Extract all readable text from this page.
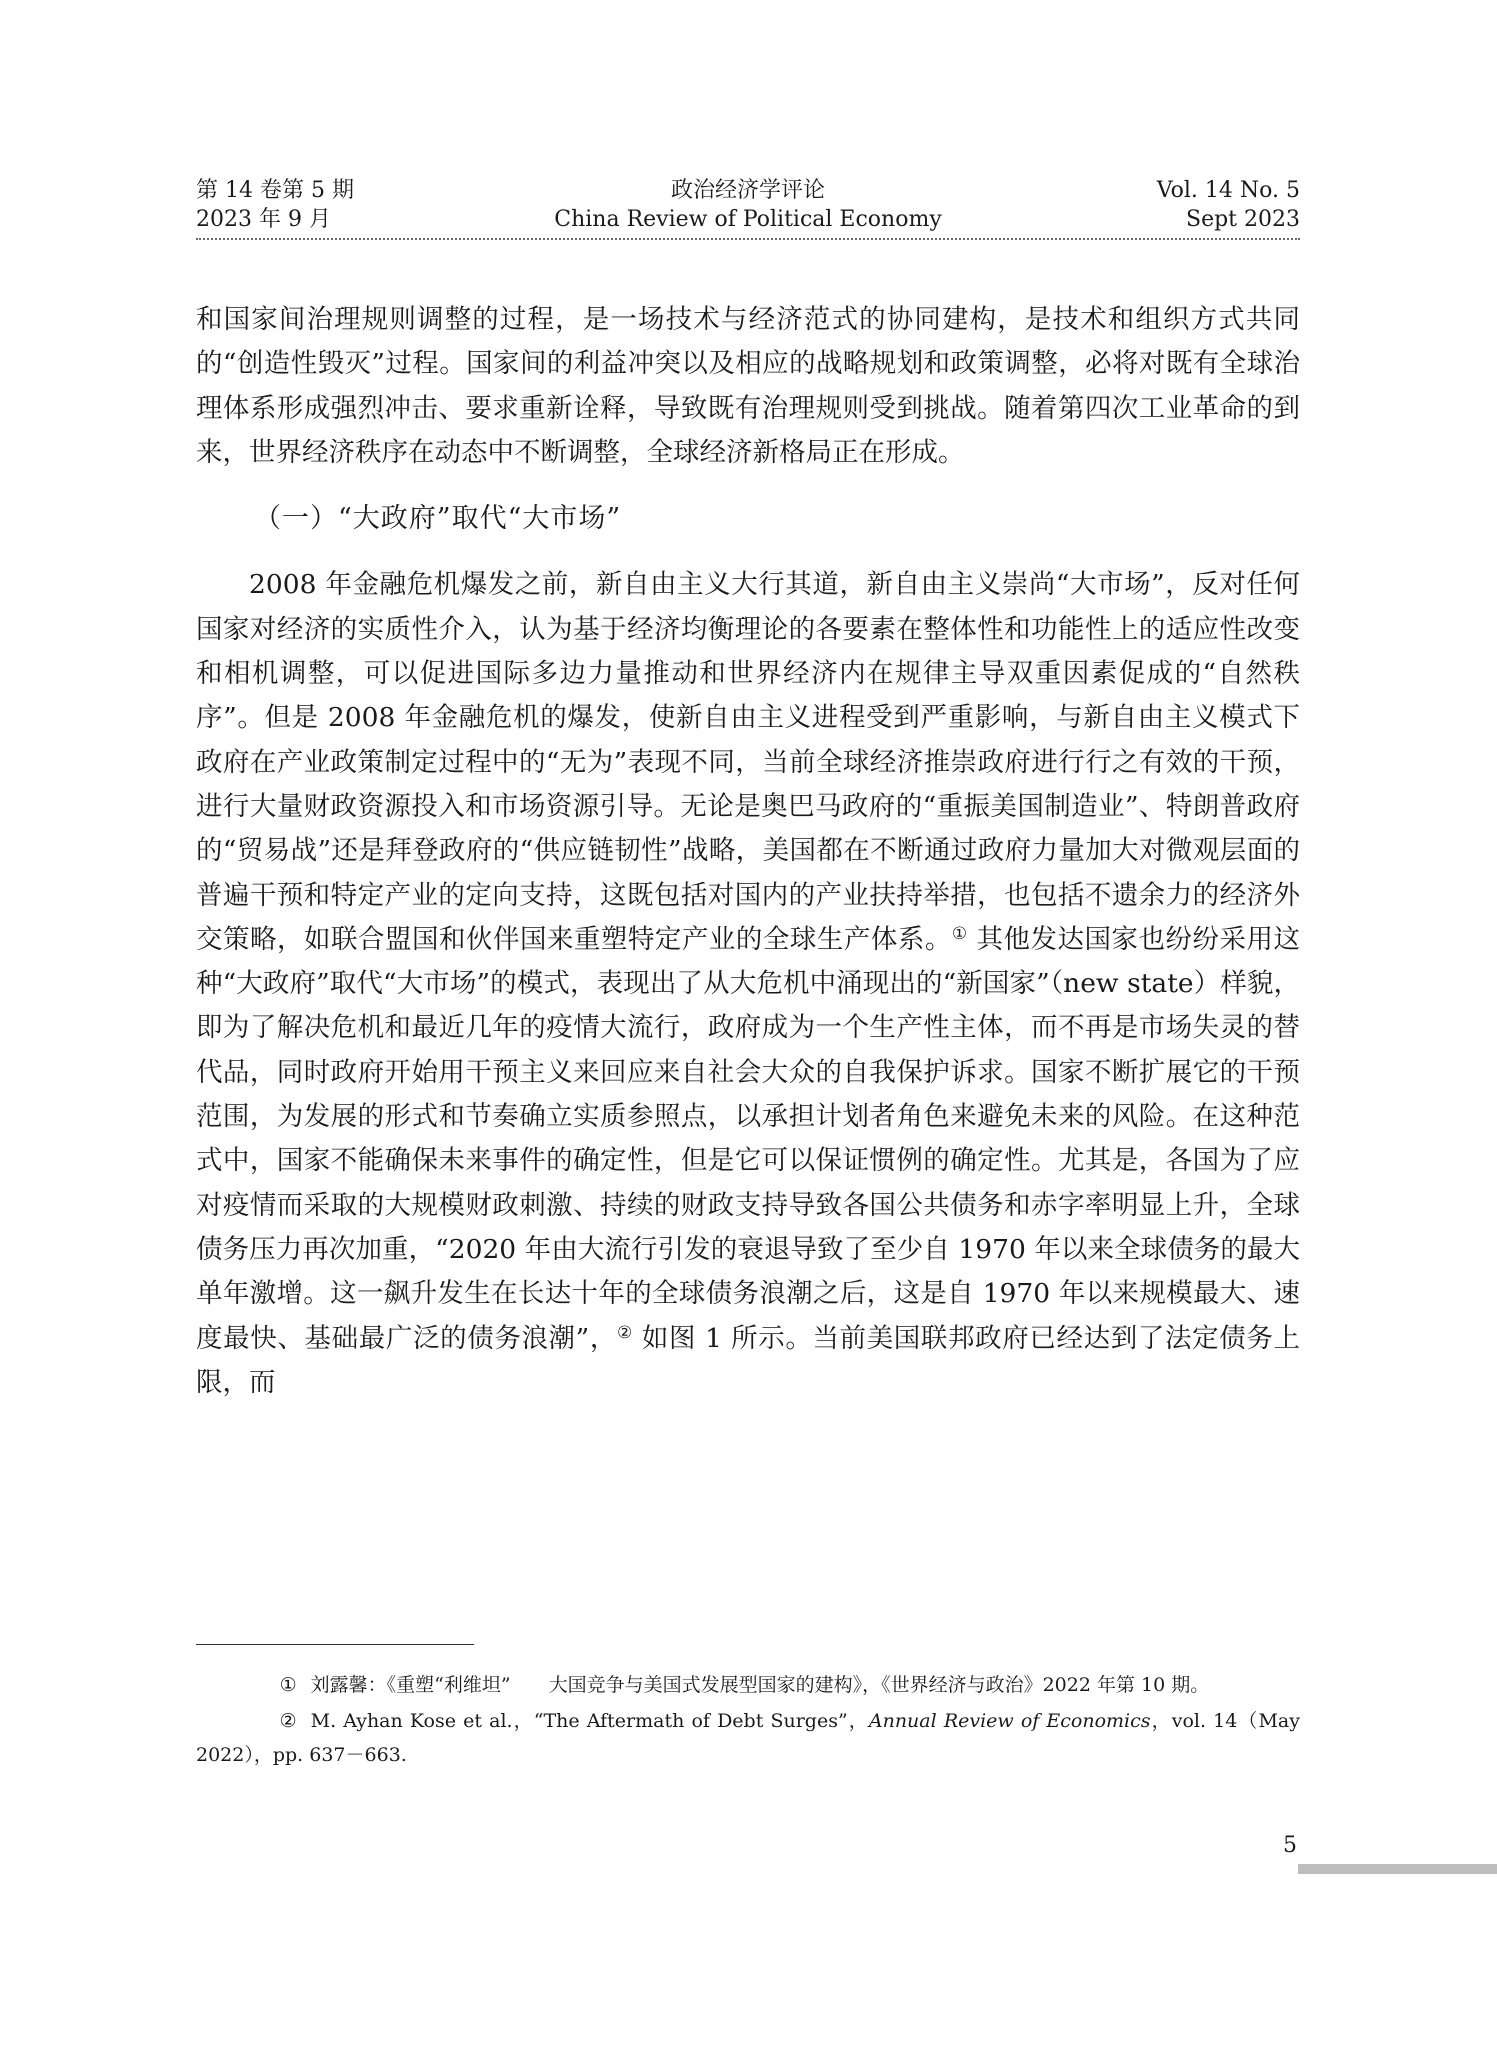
第 14 卷第 5 期
2023 年 9 月
政治经济学评论
China Review of Political Economy
Vol. 14 No. 5
Sept 2023

和国家间治理规则调整的过程，是一场技术与经济范式的协同建构，是技术和组织方式共同的“创造性毁灭”过程。国家间的利益冲突以及相应的战略规划和政策调整，必将对既有全球治理体系形成强烈冲击、要求重新诠释，导致既有治理规则受到挑战。随着第四次工业革命的到来，世界经济秩序在动态中不断调整，全球经济新格局正在形成。

（一）“大政府”取代“大市场”

2008 年金融危机爆发之前，新自由主义大行其道，新自由主义崇尚“大市场”，反对任何国家对经济的实质性介入，认为基于经济均衡理论的各要素在整体性和功能性上的适应性改变和相机调整，可以促进国际多边力量推动和世界经济内在规律主导双重因素促成的“自然秩序”。但是 2008 年金融危机的爆发，使新自由主义进程受到严重影响，与新自由主义模式下政府在产业政策制定过程中的“无为”表现不同，当前全球经济推崇政府进行行之有效的干预，进行大量财政资源投入和市场资源引导。无论是奥巴马政府的“重振美国制造业”、特朗普政府的“贸易战”还是拜登政府的“供应链韧性”战略，美国都在不断通过政府力量加大对微观层面的普遍干预和特定产业的定向支持，这既包括对国内的产业扶持举措，也包括不遗余力的经济外交策略，如联合盟国和伙伴国来重塑特定产业的全球生产体系。① 其他发达国家也纷纷采用这种“大政府”取代“大市场”的模式，表现出了从大危机中涌现出的“新国家”（new state）样貌，即为了解决危机和最近几年的疫情大流行，政府成为一个生产性主体，而不再是市场失灵的替代品，同时政府开始用干预主义来回应来自社会大众的自我保护诉求。国家不断扩展它的干预范围，为发展的形式和节奏确立实质参照点，以承担计划者角色来避免未来的风险。在这种范式中，国家不能确保未来事件的确定性，但是它可以保证惯例的确定性。尤其是，各国为了应对疫情而采取的大规模财政刺激、持续的财政支持导致各国公共债务和赤字率明显上升，全球债务压力再次加重，“2020 年由大流行引发的衰退导致了至少自 1970 年以来全球债务的最大单年激增。这一飙升发生在长达十年的全球债务浪潮之后，这是自 1970 年以来规模最大、速度最快、基础最广泛的债务浪潮”，② 如图 1 所示。当前美国联邦政府已经达到了法定债务上限，而

① 刘露馨：《重塑“利维坦”　　大国竞争与美国式发展型国家的建构》，《世界经济与政治》2022 年第 10 期。

② M. Ayhan Kose et al.，“The Aftermath of Debt Surges”，Annual Review of Economics，vol. 14（May 2022），pp. 637－663.

5
